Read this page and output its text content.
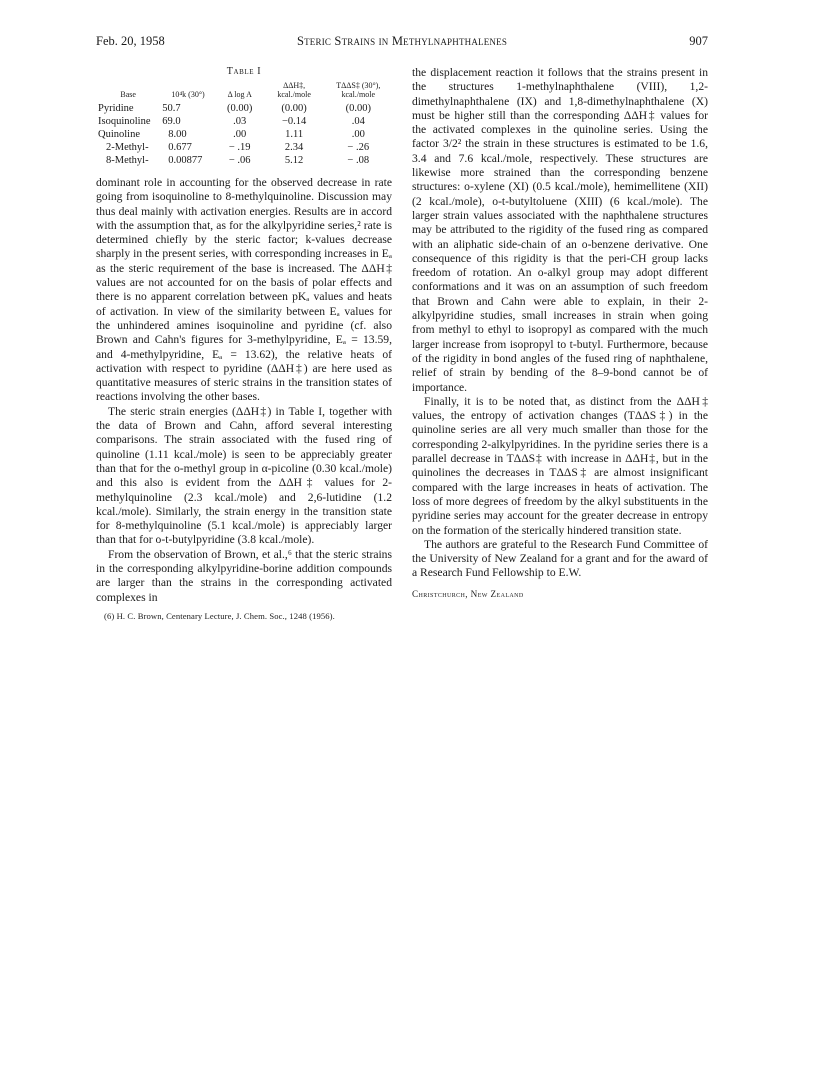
Feb. 20, 1958	Steric Strains in Methylnaphthalenes	907
Table I
Base	10⁴k (30°)	Δ log A	ΔΔH‡, kcal./mole	TΔΔS‡ (30°), kcal./mole
Pyridine	50.7	(0.00)	(0.00)	(0.00)
Isoquinoline	69.0	.03	−0.14	.04
Quinoline	8.00	.00	1.11	.00
2-Methyl-	0.677	− .19	2.34	− .26
8-Methyl-	0.00877	− .06	5.12	− .08

dominant role in accounting for the observed decrease in rate going from isoquinoline to 8-methylquinoline. Discussion may thus deal mainly with activation energies. Results are in accord with the assumption that, as for the alkylpyridine series,² rate is determined chiefly by the steric factor; k-values decrease sharply in the present series, with corresponding increases in Eₐ as the steric requirement of the base is increased. The ΔΔH‡ values are not accounted for on the basis of polar effects and there is no apparent correlation between pKₐ values and heats of activation. In view of the similarity between Eₐ values for the unhindered amines isoquinoline and pyridine (cf. also Brown and Cahn's figures for 3-methylpyridine, Eₐ = 13.59, and 4-methylpyridine, Eₐ = 13.62), the relative heats of activation with respect to pyridine (ΔΔH‡) are here used as quantitative measures of steric strains in the transition states of reactions involving the other bases.

The steric strain energies (ΔΔH‡) in Table I, together with the data of Brown and Cahn, afford several interesting comparisons. The strain associated with the fused ring of quinoline (1.11 kcal./mole) is seen to be appreciably greater than that for the o-methyl group in α-picoline (0.30 kcal./mole) and this also is evident from the ΔΔH‡ values for 2-methylquinoline (2.3 kcal./mole) and 2,6-lutidine (1.2 kcal./mole). Similarly, the strain energy in the transition state for 8-methylquinoline (5.1 kcal./mole) is appreciably larger than that for o-t-butylpyridine (3.8 kcal./mole).

From the observation of Brown, et al.,⁶ that the steric strains in the corresponding alkylpyridine-borine addition compounds are larger than the strains in the corresponding activated complexes in

(6) H. C. Brown, Centenary Lecture, J. Chem. Soc., 1248 (1956).

the displacement reaction it follows that the strains present in the structures 1-methylnaphthalene (VIII), 1,2-dimethylnaphthalene (IX) and 1,8-dimethylnaphthalene (X) must be higher still than the corresponding ΔΔH‡ values for the activated complexes in the quinoline series. Using the factor 3/2² the strain in these structures is estimated to be 1.6, 3.4 and 7.6 kcal./mole, respectively. These structures are likewise more strained than the corresponding benzene structures: o-xylene (XI) (0.5 kcal./mole), hemimellitene (XII) (2 kcal./mole), o-t-butyltoluene (XIII) (6 kcal./mole). The larger strain values associated with the naphthalene structures may be attributed to the rigidity of the fused ring as compared with an aliphatic side-chain of an o-benzene derivative. One consequence of this rigidity is that the peri-CH group lacks freedom of rotation. An o-alkyl group may adopt different conformations and it was on an assumption of such freedom that Brown and Cahn were able to explain, in their 2-alkylpyridine studies, small increases in strain when going from methyl to ethyl to isopropyl as compared with the much larger increase from isopropyl to t-butyl. Furthermore, because of the rigidity in bond angles of the fused ring of naphthalene, relief of strain by bending of the 8–9-bond cannot be of importance.

Finally, it is to be noted that, as distinct from the ΔΔH‡ values, the entropy of activation changes (TΔΔS‡) in the quinoline series are all very much smaller than those for the corresponding 2-alkylpyridines. In the pyridine series there is a parallel decrease in TΔΔS‡ with increase in ΔΔH‡, but in the quinolines the decreases in TΔΔS‡ are almost insignificant compared with the large increases in heats of activation. The loss of more degrees of freedom by the alkyl substituents in the pyridine series may account for the greater decrease in entropy on the formation of the sterically hindered transition state.

The authors are grateful to the Research Fund Committee of the University of New Zealand for a grant and for the award of a Research Fund Fellowship to E.W.

Christchurch, New Zealand
